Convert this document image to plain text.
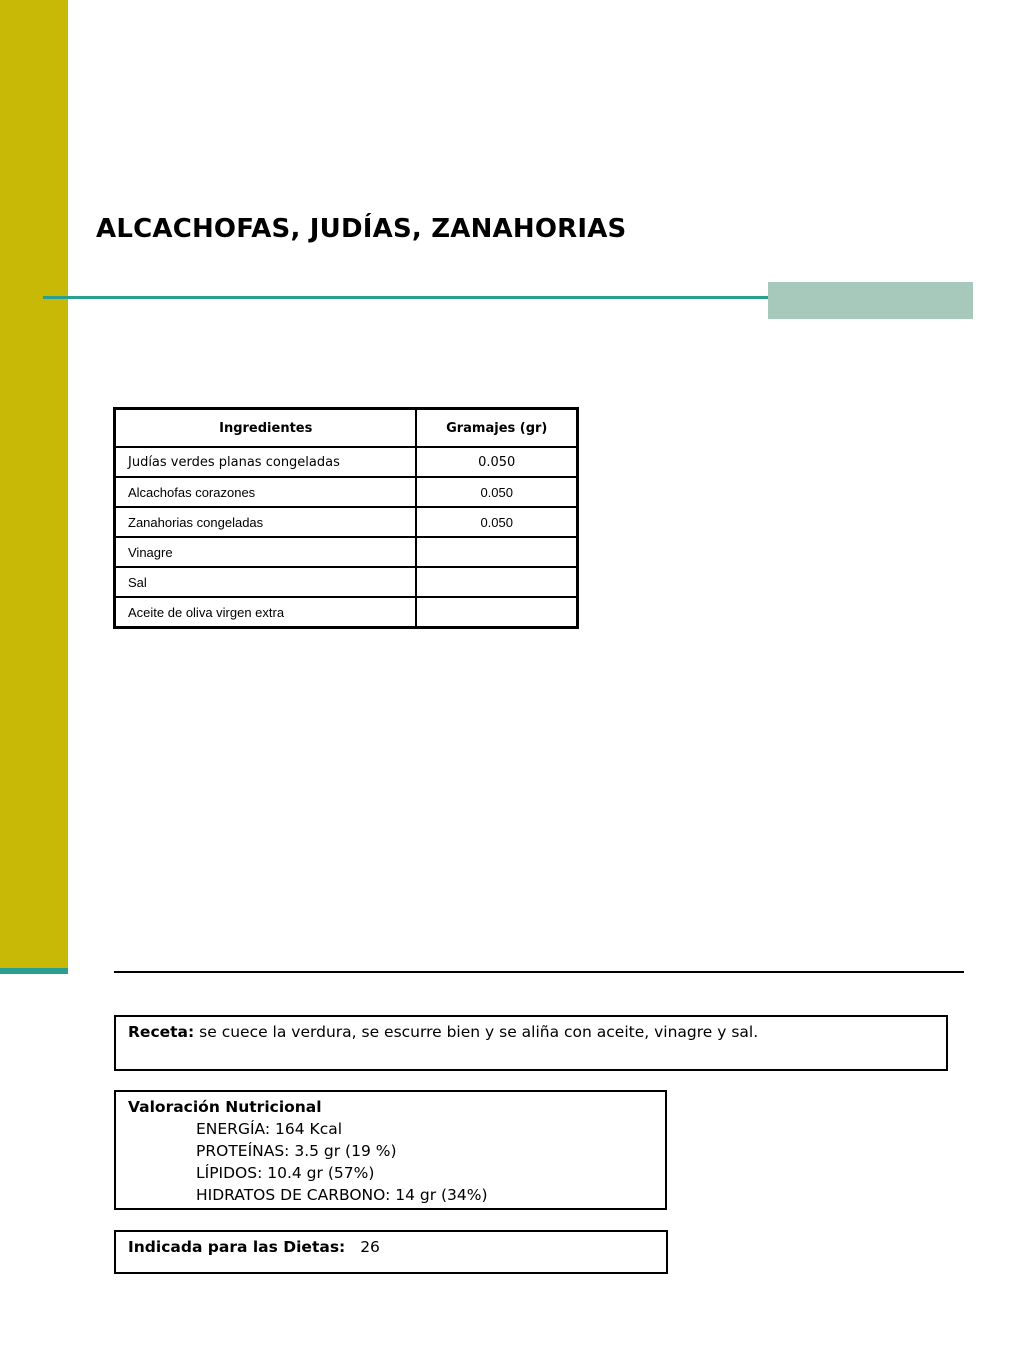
ALCACHOFAS, JUDÍAS, ZANAHORIAS
Ingredientes	Gramajes (gr)
Judías verdes planas congeladas	0.050
Alcachofas corazones	0.050
Zanahorias congeladas	0.050
Vinagre	
Sal	
Aceite de oliva virgen extra	
Receta: se cuece la verdura, se escurre bien y se aliña con aceite, vinagre y sal.
Valoración Nutricional
ENERGÍA: 164 Kcal
PROTEÍNAS: 3.5 gr (19 %)
LÍPIDOS: 10.4 gr (57%)
HIDRATOS DE CARBONO: 14 gr (34%)
Indicada para las Dietas: 26
